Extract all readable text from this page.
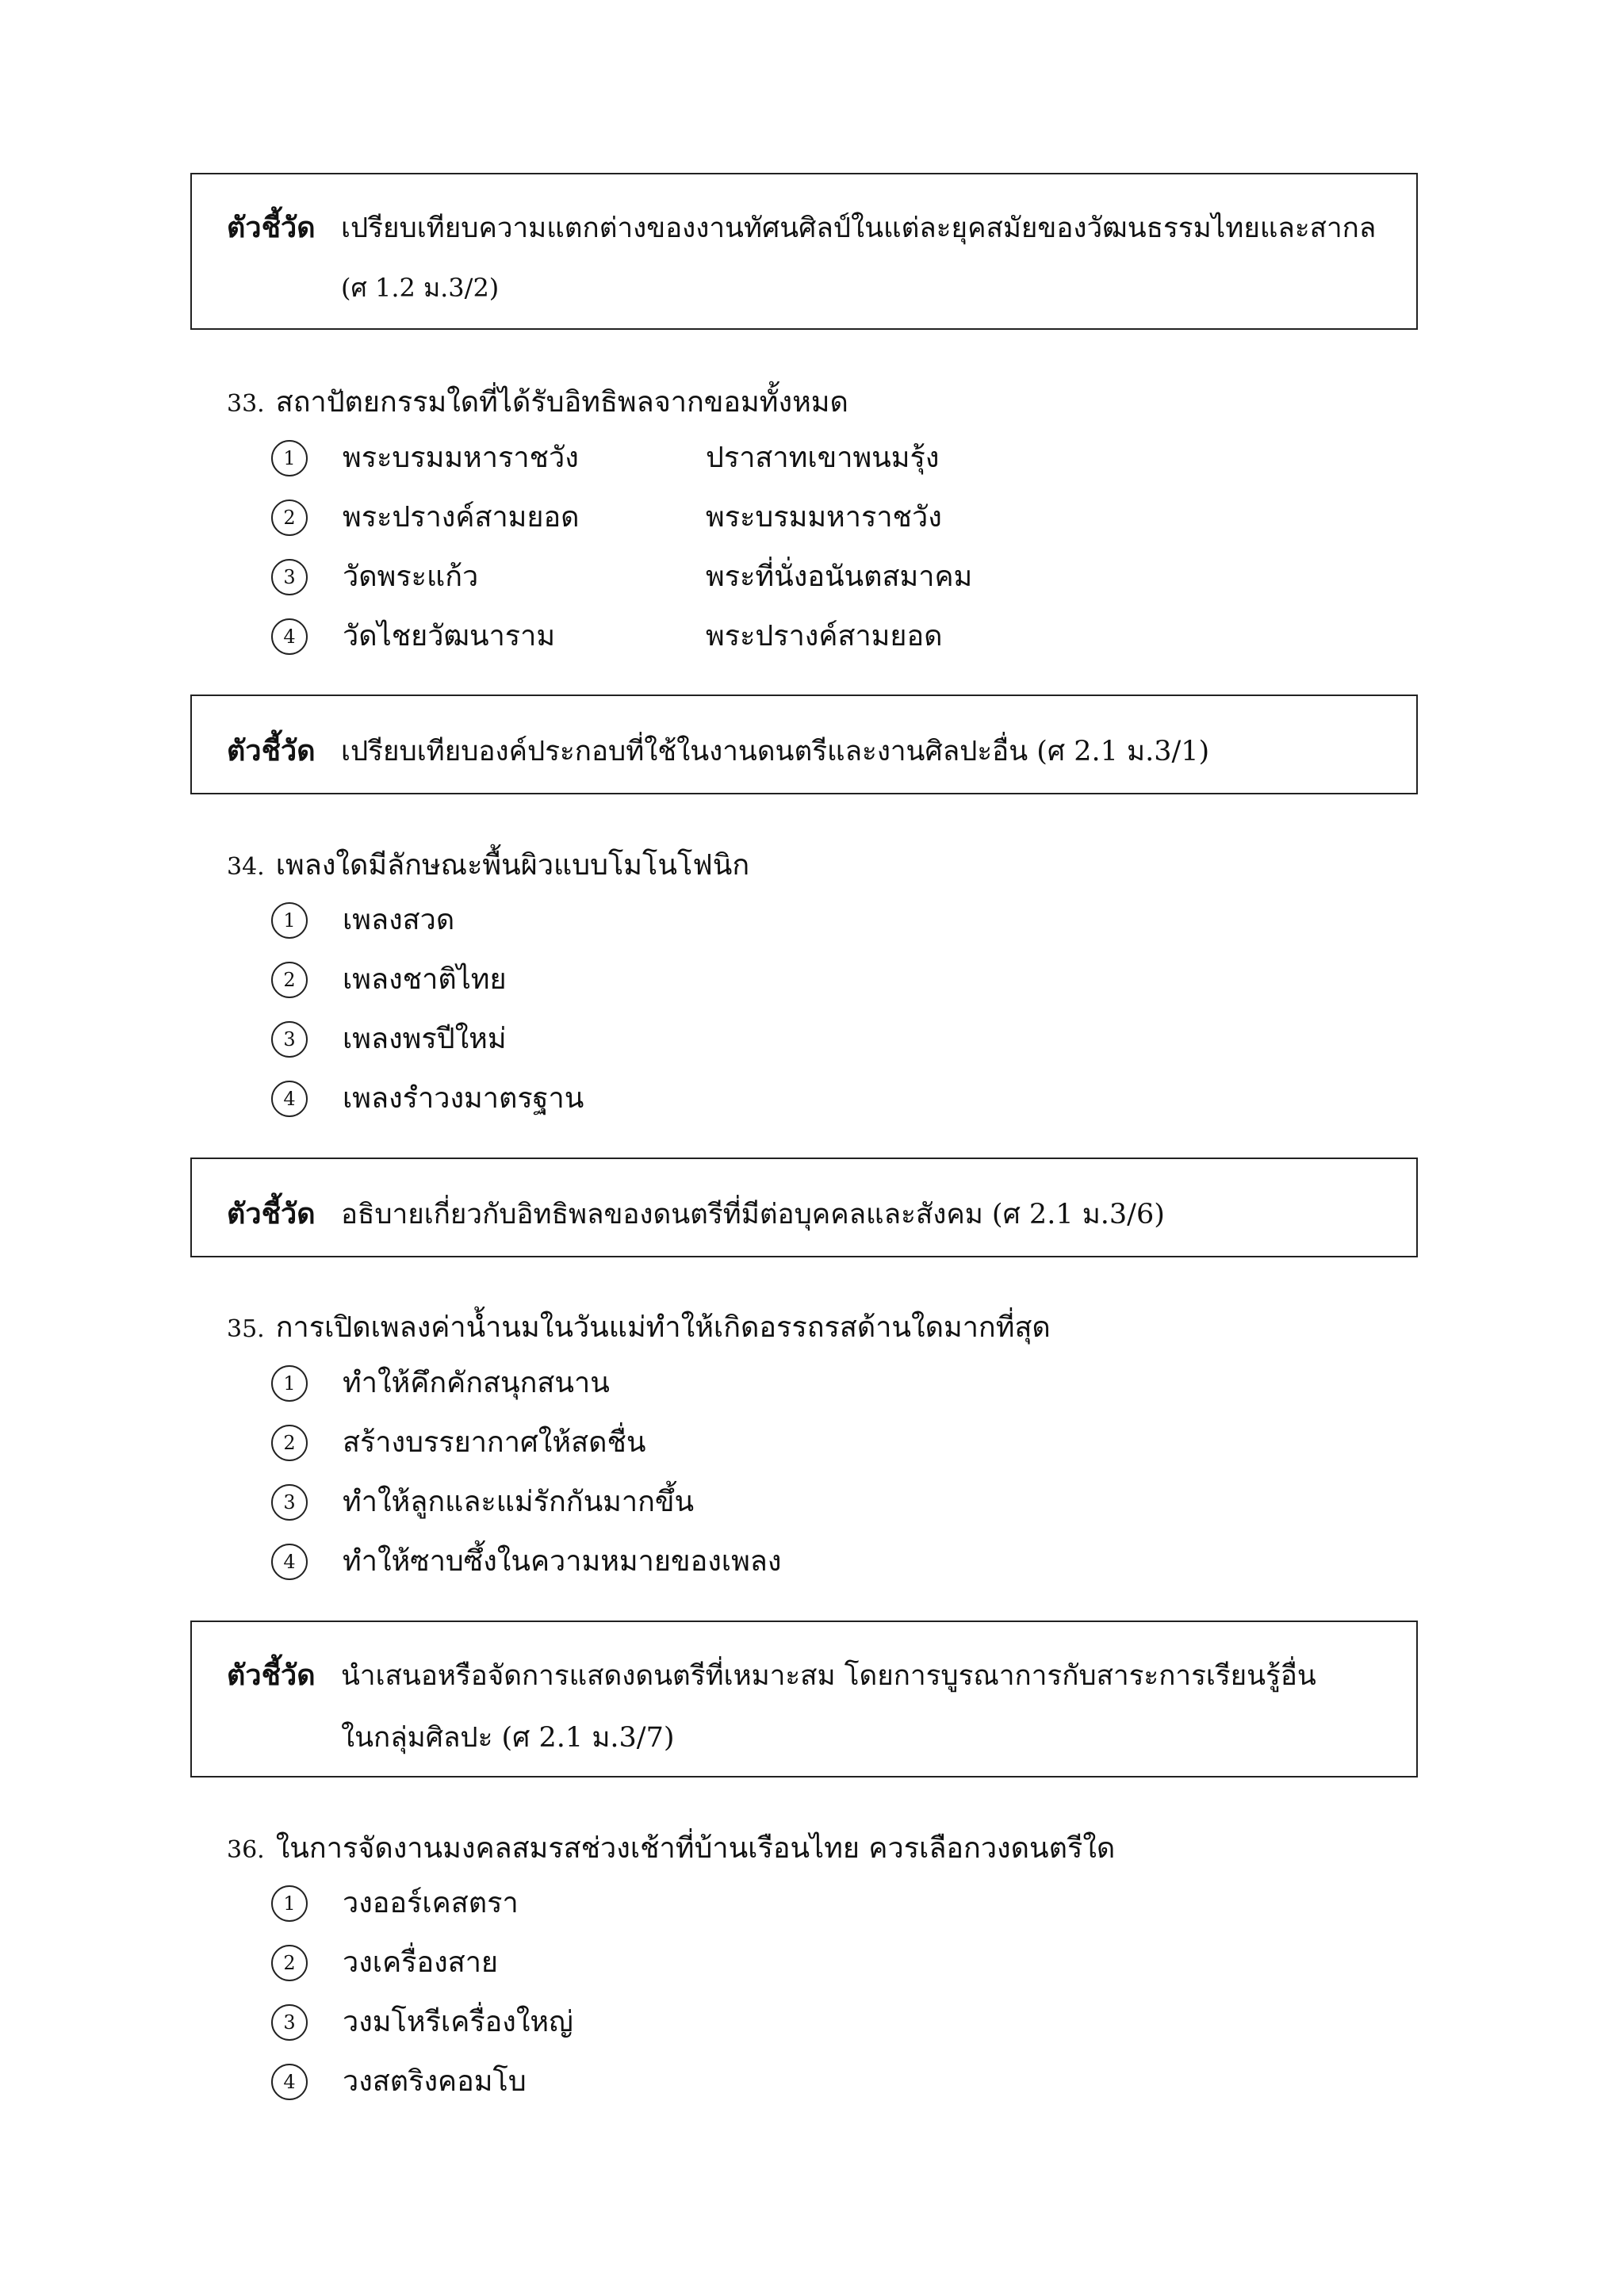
ตัวชี้วัด เปรียบเทียบความแตกต่างของงานทัศนศิลป์ในแต่ละยุคสมัยของวัฒนธรรมไทยและสากล
(ศ 1.2 ม.3/2)
33. สถาปัตยกรรมใดที่ได้รับอิทธิพลจากขอมทั้งหมด
1	พระบรมมหาราชวัง	ปราสาทเขาพนมรุ้ง
2	พระปรางค์สามยอด	พระบรมมหาราชวัง
3	วัดพระแก้ว	พระที่นั่งอนันตสมาคม
4	วัดไชยวัฒนาราม	พระปรางค์สามยอด
ตัวชี้วัด เปรียบเทียบองค์ประกอบที่ใช้ในงานดนตรีและงานศิลปะอื่น (ศ 2.1 ม.3/1)
34. เพลงใดมีลักษณะพื้นผิวแบบโมโนโฟนิก
1	เพลงสวด
2	เพลงชาติไทย
3	เพลงพรปีใหม่
4	เพลงรำวงมาตรฐาน
ตัวชี้วัด อธิบายเกี่ยวกับอิทธิพลของดนตรีที่มีต่อบุคคลและสังคม (ศ 2.1 ม.3/6)
35. การเปิดเพลงค่าน้ำนมในวันแม่ทำให้เกิดอรรถรสด้านใดมากที่สุด
1	ทำให้คึกคักสนุกสนาน
2	สร้างบรรยากาศให้สดชื่น
3	ทำให้ลูกและแม่รักกันมากขึ้น
4	ทำให้ซาบซึ้งในความหมายของเพลง
ตัวชี้วัด นำเสนอหรือจัดการแสดงดนตรีที่เหมาะสม โดยการบูรณาการกับสาระการเรียนรู้อื่น
ในกลุ่มศิลปะ (ศ 2.1 ม.3/7)
36. ในการจัดงานมงคลสมรสช่วงเช้าที่บ้านเรือนไทย ควรเลือกวงดนตรีใด
1	วงออร์เคสตรา
2	วงเครื่องสาย
3	วงมโหรีเครื่องใหญ่
4	วงสตริงคอมโบ
